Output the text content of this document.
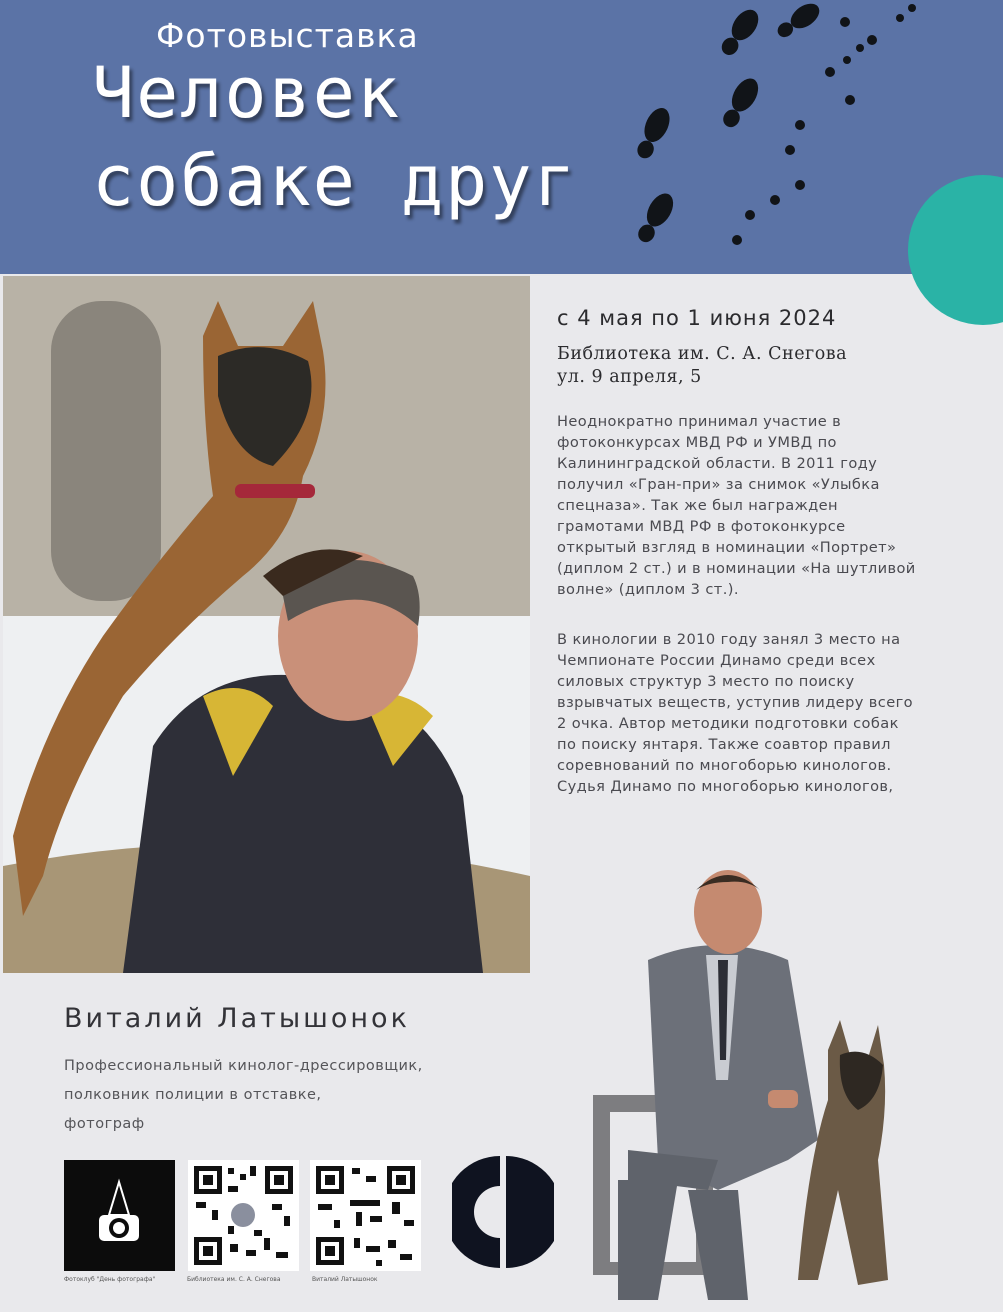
Фотовыставка
Человек
собаке друг
с 4 мая по 1 июня 2024
Библиотека им. С. А. Снегова
ул. 9 апреля, 5

Неоднократно принимал участие в фотоконкурсах МВД РФ и УМВД по Калининградской области. В 2011 году получил «Гран-при» за снимок «Улыбка спецназа». Так же был награжден грамотами МВД РФ в фотоконкурсе открытый взгляд в номинации «Портрет» (диплом 2 ст.) и в номинации «На шутливой волне» (диплом 3 ст.).

В кинологии в 2010 году занял 3 место на Чемпионате России Динамо среди всех силовых структур 3 место по поиску взрывчатых веществ, уступив лидеру всего 2 очка. Автор методики подготовки собак по поиску янтаря. Также соавтор правил соревнований по многоборью кинологов. Судья Динамо по многоборью кинологов,

Виталий Латышонок
Профессиональный кинолог-дрессировщик,
полковник полиции в отставке,
фотограф
Фотоклуб "День фотографа"	Библиотека им. С. А. Снегова	Виталий Латышонок
